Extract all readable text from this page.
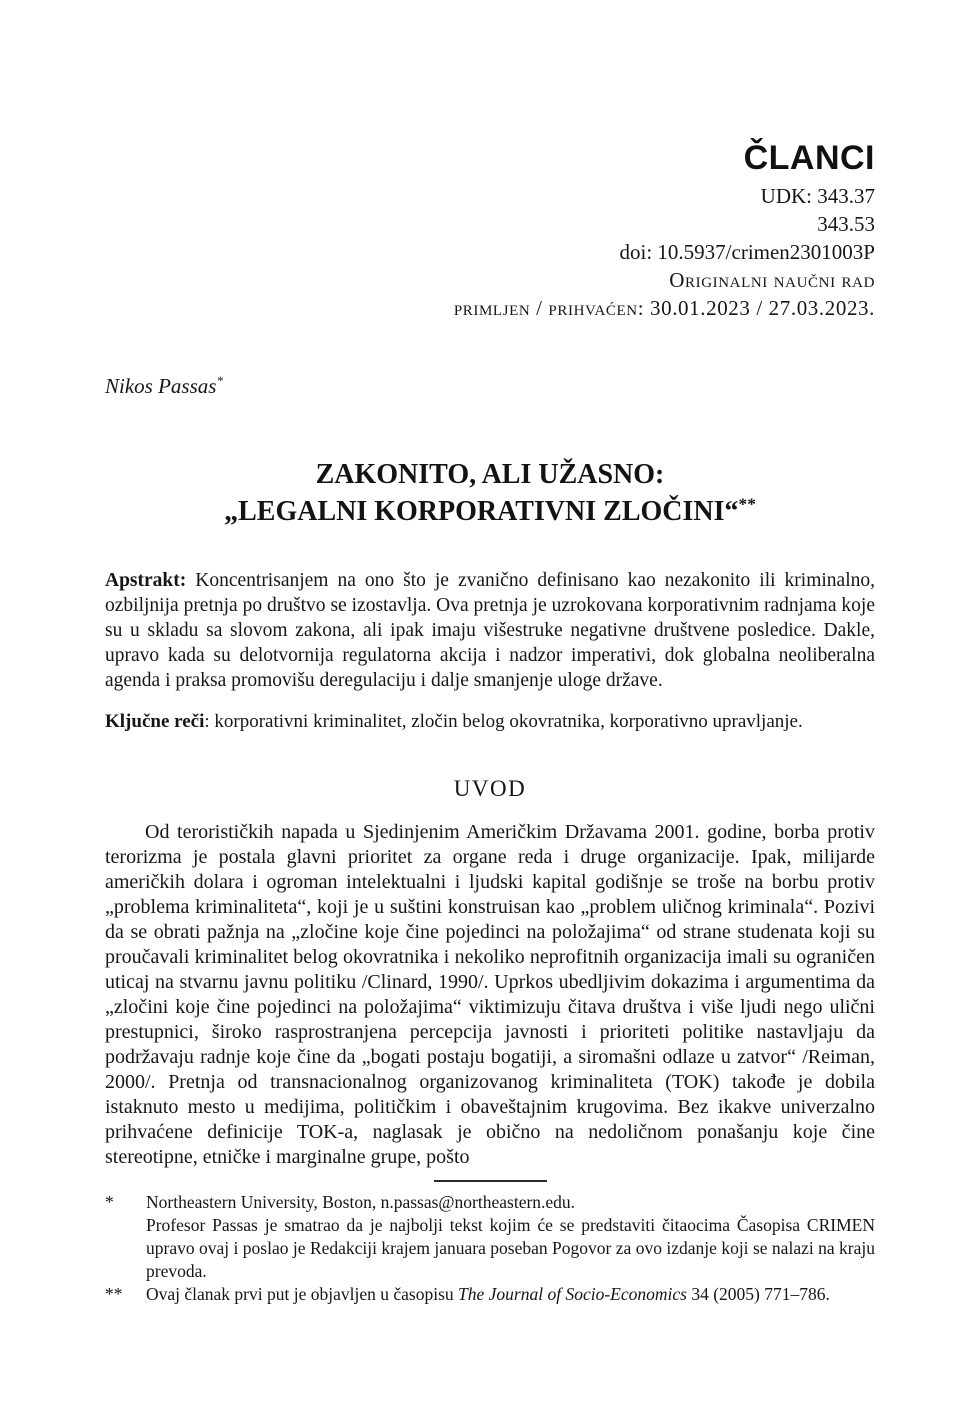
ČLANCI
UDK: 343.37
343.53
doi: 10.5937/crimen2301003P
Originalni naučni rad
primljen / prihvaćen: 30.01.2023 / 27.03.2023.
Nikos Passas*
ZAKONITO, ALI UŽASNO:
„LEGALNI KORPORATIVNI ZLOČINI“**
Apstrakt: Koncentrisanjem na ono što je zvanično definisano kao nezakonito ili kriminalno, ozbiljnija pretnja po društvo se izostavlja. Ova pretnja je uzrokovana korporativnim radnjama koje su u skladu sa slovom zakona, ali ipak imaju višestruke negativne društvene posledice. Dakle, upravo kada su delotvornija regulatorna akcija i nadzor imperativi, dok globalna neoliberalna agenda i praksa promovišu deregulaciju i dalje smanjenje uloge države.
Ključne reči: korporativni kriminalitet, zločin belog okovratnika, korporativno upravljanje.
UVOD
Od terorističkih napada u Sjedinjenim Američkim Državama 2001. godine, borba protiv terorizma je postala glavni prioritet za organe reda i druge organizacije. Ipak, milijarde američkih dolara i ogroman intelektualni i ljudski kapital godišnje se troše na borbu protiv „problema kriminaliteta“, koji je u suštini konstruisan kao „problem uličnog kriminala“. Pozivi da se obrati pažnja na „zločine koje čine pojedinci na položajima“ od strane studenata koji su proučavali kriminalitet belog okovratnika i nekoliko neprofitnih organizacija imali su ograničen uticaj na stvarnu javnu politiku /Clinard, 1990/. Uprkos ubedljivim dokazima i argumentima da „zločini koje čine pojedinci na položajima“ viktimizuju čitava društva i više ljudi nego ulični prestupnici, široko rasprostranjena percepcija javnosti i prioriteti politike nastavljaju da podržavaju radnje koje čine da „bogati postaju bogatiji, a siromašni odlaze u zatvor“ /Reiman, 2000/. Pretnja od transnacionalnog organizovanog kriminaliteta (TOK) takođe je dobila istaknuto mesto u medijima, političkim i obaveštajnim krugovima. Bez ikakve univerzalno prihvaćene definicije TOK-a, naglasak je obično na nedoličnom ponašanju koje čine stereotipne, etničke i marginalne grupe, pošto
*	Northeastern University, Boston, n.passas@northeastern.edu.
Profesor Passas je smatrao da je najbolji tekst kojim će se predstaviti čitaocima Časopisa CRIMEN upravo ovaj i poslao je Redakciji krajem januara poseban Pogovor za ovo izdanje koji se nalazi na kraju prevoda.
**	Ovaj članak prvi put je objavljen u časopisu The Journal of Socio-Economics 34 (2005) 771–786.
